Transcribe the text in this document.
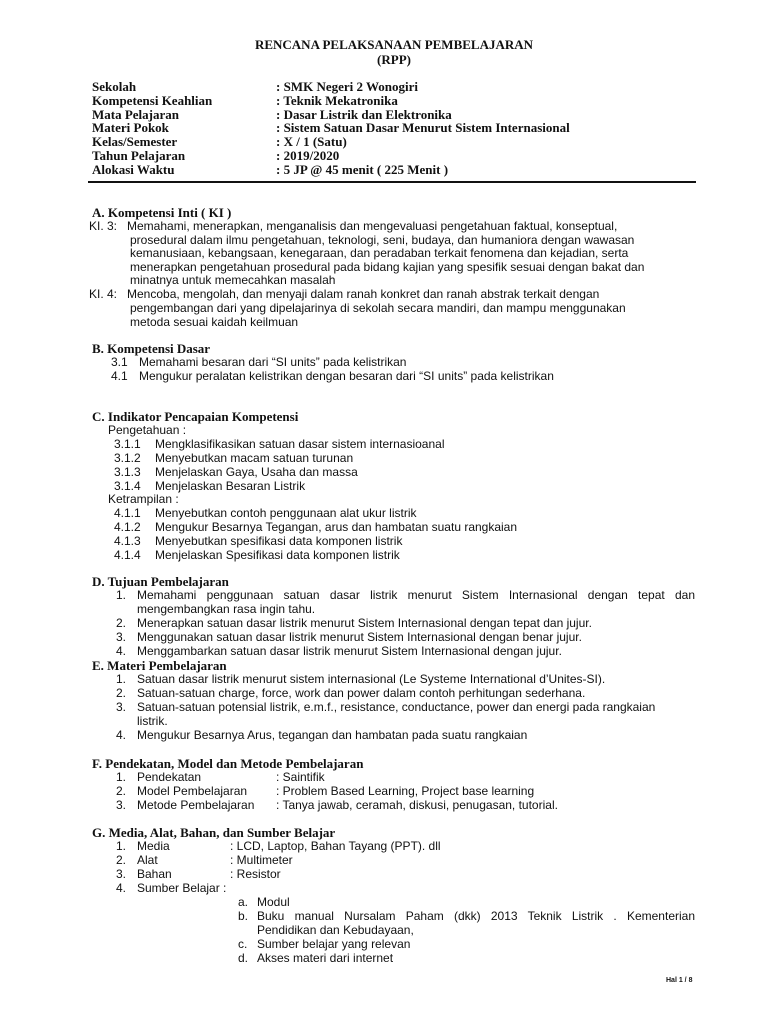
RENCANA PELAKSANAAN PEMBELAJARAN
(RPP)
Sekolah	: SMK Negeri 2 Wonogiri
Kompetensi Keahlian	: Teknik Mekatronika
Mata Pelajaran	: Dasar Listrik dan Elektronika
Materi Pokok	: Sistem Satuan Dasar Menurut Sistem Internasional
Kelas/Semester	: X / 1 (Satu)
Tahun Pelajaran	: 2019/2020
Alokasi Waktu	: 5 JP @ 45 menit ( 225 Menit )
A. Kompetensi Inti ( KI )
KI. 3: Memahami, menerapkan, menganalisis dan mengevaluasi pengetahuan faktual, konseptual,
prosedural dalam ilmu pengetahuan, teknologi, seni, budaya, dan humaniora dengan wawasan
kemanusiaan, kebangsaan, kenegaraan, dan peradaban terkait fenomena dan kejadian, serta
menerapkan pengetahuan prosedural pada bidang kajian yang spesifik sesuai dengan bakat dan
minatnya untuk memecahkan masalah
KI. 4: Mencoba, mengolah, dan menyaji dalam ranah konkret dan ranah abstrak terkait dengan
pengembangan dari yang dipelajarinya di sekolah secara mandiri, dan mampu menggunakan
metoda sesuai kaidah keilmuan
B. Kompetensi Dasar
3.1 Memahami besaran dari “SI units” pada kelistrikan
4.1 Mengukur peralatan kelistrikan dengan besaran dari “SI units” pada kelistrikan
C. Indikator Pencapaian Kompetensi
Pengetahuan :
3.1.1 Mengklasifikasikan satuan dasar sistem internasioanal
3.1.2 Menyebutkan macam satuan turunan
3.1.3 Menjelaskan Gaya, Usaha dan massa
3.1.4 Menjelaskan Besaran Listrik
Ketrampilan :
4.1.1 Menyebutkan contoh penggunaan alat ukur listrik
4.1.2 Mengukur Besarnya Tegangan, arus dan hambatan suatu rangkaian
4.1.3 Menyebutkan spesifikasi data komponen listrik
4.1.4 Menjelaskan Spesifikasi data komponen listrik
D. Tujuan Pembelajaran
1. Memahami penggunaan satuan dasar listrik menurut Sistem Internasional dengan tepat dan
mengembangkan rasa ingin tahu.
2. Menerapkan satuan dasar listrik menurut Sistem Internasional dengan tepat dan jujur.
3. Menggunakan satuan dasar listrik menurut Sistem Internasional dengan benar jujur.
4. Menggambarkan satuan dasar listrik menurut Sistem Internasional dengan jujur.
E. Materi Pembelajaran
1. Satuan dasar listrik menurut sistem internasional (Le Systeme International d’Unites-SI).
2. Satuan-satuan charge, force, work dan power dalam contoh perhitungan sederhana.
3. Satuan-satuan potensial listrik, e.m.f., resistance, conductance, power dan energi pada rangkaian
listrik.
4. Mengukur Besarnya Arus, tegangan dan hambatan pada suatu rangkaian
F. Pendekatan, Model dan Metode Pembelajaran
1. Pendekatan	: Saintifik
2. Model Pembelajaran : Problem Based Learning, Project base learning
3. Metode Pembelajaran : Tanya jawab, ceramah, diskusi, penugasan, tutorial.
G. Media, Alat, Bahan, dan Sumber Belajar
1. Media	: LCD, Laptop, Bahan Tayang (PPT). dll
2. Alat	: Multimeter
3. Bahan	: Resistor
4. Sumber Belajar :
a. Modul
b. Buku manual Nursalam Paham (dkk) 2013 Teknik Listrik . Kementerian
Pendidikan dan Kebudayaan,
c. Sumber belajar yang relevan
d. Akses materi dari internet
Hal 1 / 8
